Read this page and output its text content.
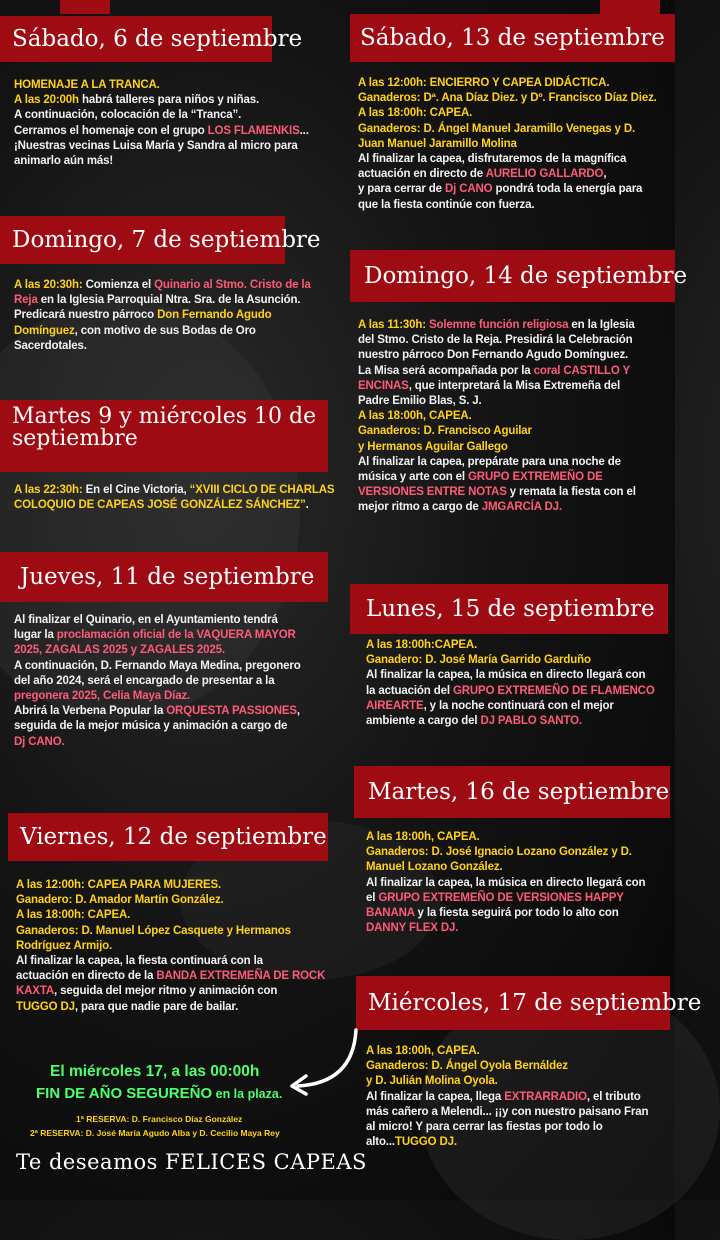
Sábado, 6 de septiembre
HOMENAJE A LA TRANCA.
A las 20:00h habrá talleres para niños y niñas.
A continuación, colocación de la “Tranca”.
Cerramos el homenaje con el grupo LOS FLAMENKIS...
¡Nuestras vecinas Luisa María y Sandra al micro para
animarlo aún más!
Domingo, 7 de septiembre
A las 20:30h: Comienza el Quinario al Stmo. Cristo de la
Reja en la Iglesia Parroquial Ntra. Sra. de la Asunción.
Predicará nuestro párroco Don Fernando Agudo
Domínguez, con motivo de sus Bodas de Oro
Sacerdotales.
Martes 9 y miércoles 10 de septiembre
A las 22:30h: En el Cine Victoria, “XVIII CICLO DE CHARLAS
COLOQUIO DE CAPEAS JOSÉ GONZÁLEZ SÁNCHEZ”.
Jueves, 11 de septiembre
Al finalizar el Quinario, en el Ayuntamiento tendrá
lugar la proclamación oficial de la VAQUERA MAYOR
2025, ZAGALAS 2025 y ZAGALES 2025.
A continuación, D. Fernando Maya Medina, pregonero
del año 2024, será el encargado de presentar a la
pregonera 2025, Celia Maya Díaz.
Abrirá la Verbena Popular la ORQUESTA PASSIONES,
seguida de la mejor música y animación a cargo de
Dj CANO.
Viernes, 12 de septiembre
A las 12:00h: CAPEA PARA MUJERES.
Ganadero: D. Amador Martín González.
A las 18:00h: CAPEA.
Ganaderos: D. Manuel López Casquete y Hermanos
Rodríguez Armijo.
Al finalizar la capea, la fiesta continuará con la
actuación en directo de la BANDA EXTREMEÑA DE ROCK
KAXTA, seguida del mejor ritmo y animación con
TUGGO DJ, para que nadie pare de bailar.
Sábado, 13 de septiembre
A las 12:00h: ENCIERRO Y CAPEA DIDÁCTICA.
Ganaderos: Dª. Ana Díaz Diez. y Dº. Francisco Díaz Diez.
A las 18:00h: CAPEA.
Ganaderos: D. Ángel Manuel Jaramillo Venegas y D.
Juan Manuel Jaramillo Molina
Al finalizar la capea, disfrutaremos de la magnífica
actuación en directo de AURELIO GALLARDO,
y para cerrar de Dj CANO pondrá toda la energía para
que la fiesta continúe con fuerza.
Domingo, 14 de septiembre
A las 11:30h: Solemne función religiosa en la Iglesia
del Stmo. Cristo de la Reja. Presidirá la Celebración
nuestro párroco Don Fernando Agudo Domínguez.
La Misa será acompañada por la coral CASTILLO Y
ENCINAS, que interpretará la Misa Extremeña del
Padre Emilio Blas, S. J.
A las 18:00h, CAPEA.
Ganaderos: D. Francisco Aguilar
y Hermanos Aguilar Gallego
Al finalizar la capea, prepárate para una noche de
música y arte con el GRUPO EXTREMEÑO DE
VERSIONES ENTRE NOTAS y remata la fiesta con el
mejor ritmo a cargo de JMGARCÍA DJ.
Lunes, 15 de septiembre
A las 18:00h:CAPEA.
Ganadero: D. José María Garrido Garduño
Al finalizar la capea, la música en directo llegará con
la actuación del GRUPO EXTREMEÑO DE FLAMENCO
AIREARTE, y la noche continuará con el mejor
ambiente a cargo del DJ PABLO SANTO.
Martes, 16 de septiembre
A las 18:00h, CAPEA.
Ganaderos: D. José Ignacio Lozano González y D.
Manuel Lozano González.
Al finalizar la capea, la música en directo llegará con
el GRUPO EXTREMEÑO DE VERSIONES HAPPY
BANANA y la fiesta seguirá por todo lo alto con
DANNY FLEX DJ.
Miércoles, 17 de septiembre
A las 18:00h, CAPEA.
Ganaderos: D. Ángel Oyola Bernáldez
y D. Julián Molina Oyola.
Al finalizar la capea, llega EXTRARRADIO, el tributo
más cañero a Melendi... ¡¡y con nuestro paisano Fran
al micro! Y para cerrar las fiestas por todo lo
alto...TUGGO DJ.
El miércoles 17, a las 00:00h
FIN DE AÑO SEGUREÑO en la plaza.
1ª RESERVA: D. Francisco Díaz González
2ª RESERVA: D. José María Agudo Alba y D. Cecilio Maya Rey
Te deseamos FELICES CAPEAS
